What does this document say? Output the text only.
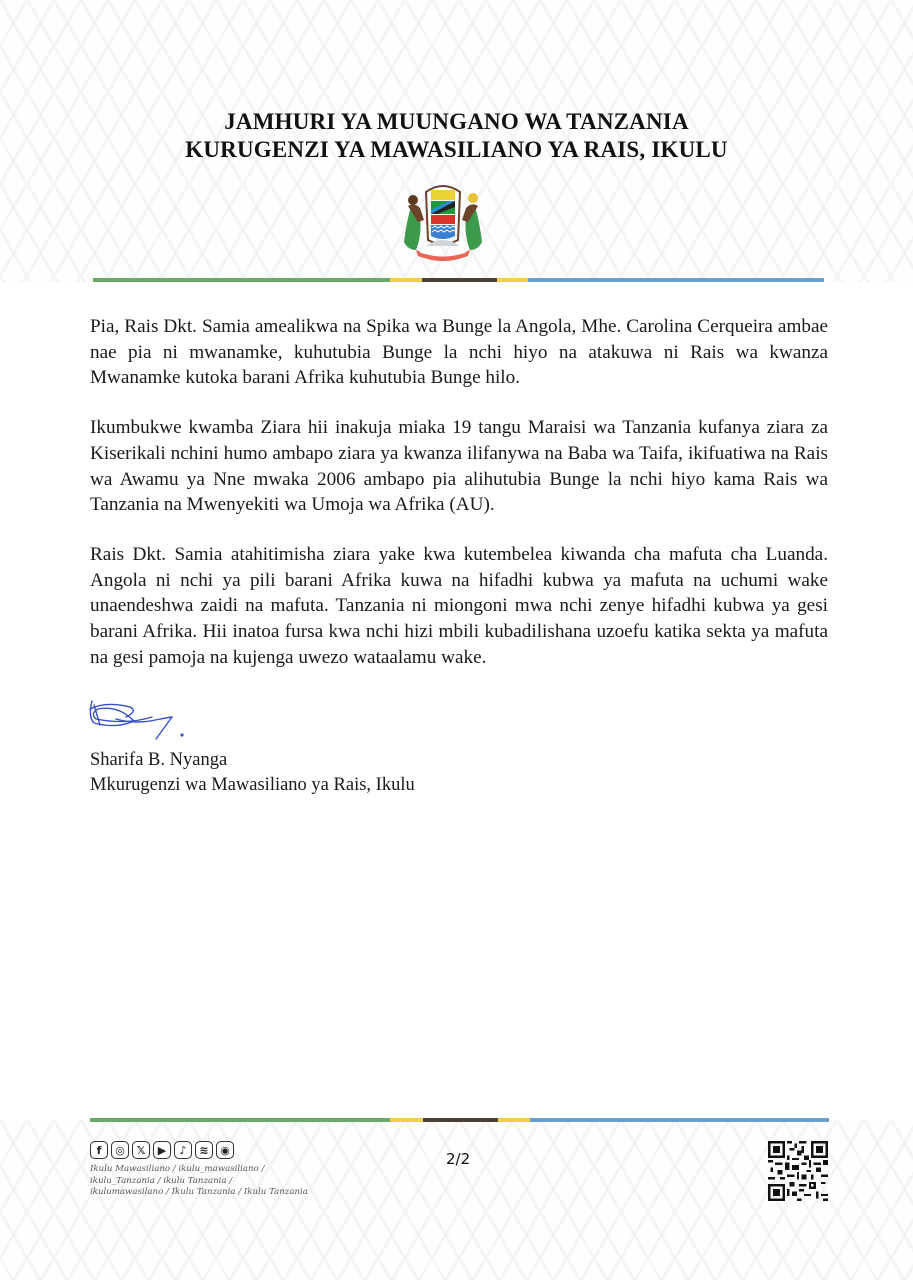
JAMHURI YA MUUNGANO WA TANZANIA
KURUGENZI YA MAWASILIANO YA RAIS, IKULU

Pia, Rais Dkt. Samia amealikwa na Spika wa Bunge la Angola, Mhe. Carolina Cerqueira ambae nae pia ni mwanamke, kuhutubia Bunge la nchi hiyo na atakuwa ni Rais wa kwanza Mwanamke kutoka barani Afrika kuhutubia Bunge hilo.

Ikumbukwe kwamba Ziara hii inakuja miaka 19 tangu Maraisi wa Tanzania kufanya ziara za Kiserikali nchini humo ambapo ziara ya kwanza ilifanywa na Baba wa Taifa, ikifuatiwa na Rais wa Awamu ya Nne mwaka 2006 ambapo pia alihutubia Bunge la nchi hiyo kama Rais wa Tanzania na Mwenyekiti wa Umoja wa Afrika (AU).

Rais Dkt. Samia atahitimisha ziara yake kwa kutembelea kiwanda cha mafuta cha Luanda. Angola ni nchi ya pili barani Afrika kuwa na hifadhi kubwa ya mafuta na uchumi wake unaendeshwa zaidi na mafuta. Tanzania ni miongoni mwa nchi zenye hifadhi kubwa ya gesi barani Afrika. Hii inatoa fursa kwa nchi hizi mbili kubadilishana uzoefu katika sekta ya mafuta na gesi pamoja na kujenga uwezo wataalamu wake.

Sharifa B. Nyanga
Mkurugenzi wa Mawasiliano ya Rais, Ikulu
f	◎	𝕏	▶	♪	≋	◉
Ikulu Mawasiliano / ikulu_mawasiliano /
ikulu_Tanzania / ikulu Tanzania /
ikulumawasilano / Ikulu Tanzania / Ikulu Tanzania
2/2
